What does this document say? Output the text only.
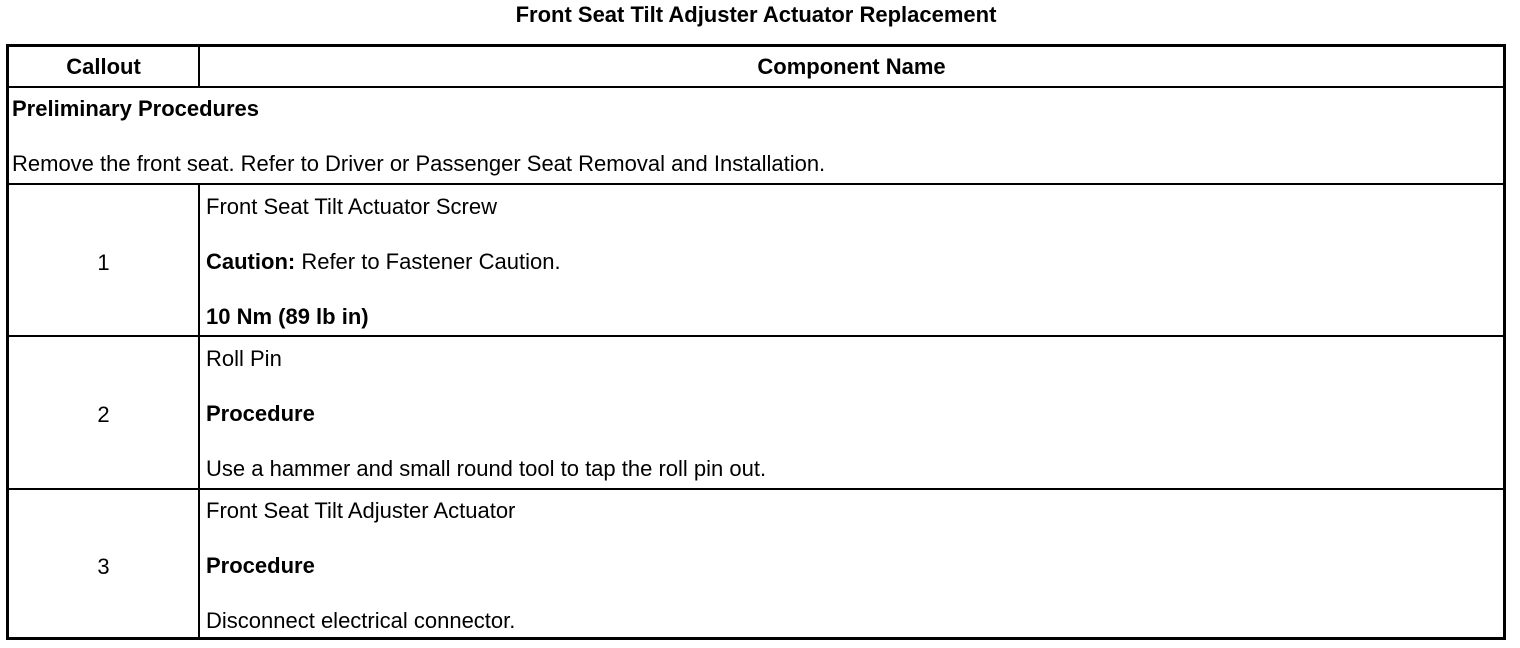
Front Seat Tilt Adjuster Actuator Replacement
Callout	Component Name
Preliminary Procedures
Remove the front seat. Refer to Driver or Passenger Seat Removal and Installation.
1
Front Seat Tilt Actuator Screw
Caution: Refer to Fastener Caution.
10 Nm (89 lb in)
2
Roll Pin
Procedure
Use a hammer and small round tool to tap the roll pin out.
3
Front Seat Tilt Adjuster Actuator
Procedure
Disconnect electrical connector.
